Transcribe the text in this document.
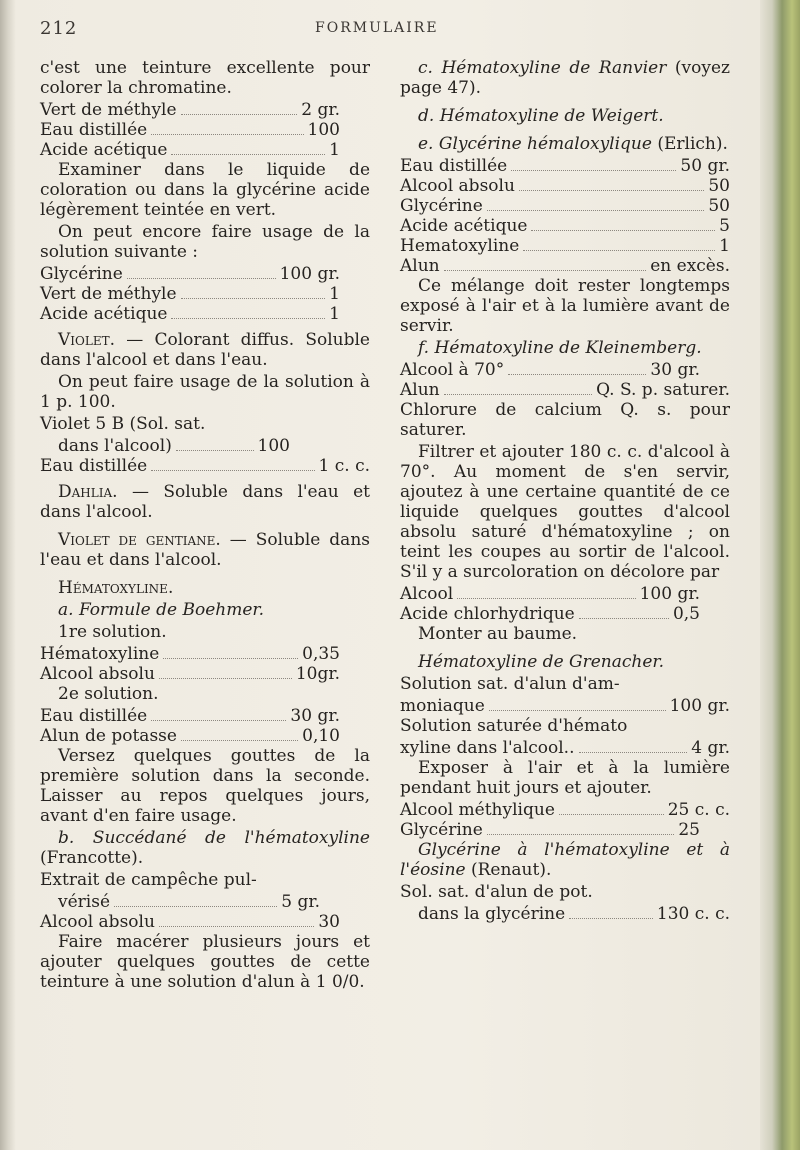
212	FORMULAIRE

c'est une teinture excellente pour colorer la chromatine.

Vert de méthyle	2 gr.
Eau distillée	100
Acide acétique	1

Examiner dans le liquide de coloration ou dans la glycérine acide légèrement teintée en vert.

On peut encore faire usage de la solution suivante :

Glycérine	100 gr.
Vert de méthyle	1
Acide acétique	1

Violet. — Colorant diffus. Soluble dans l'alcool et dans l'eau.

On peut faire usage de la solution à 1 p. 100.

Violet 5 B (Sol. sat.

dans l'alcool)	100
Eau distillée	1 c. c.

Dahlia. — Soluble dans l'eau et dans l'alcool.

Violet de gentiane. — Soluble dans l'eau et dans l'alcool.

Hématoxyline.

a. Formule de Boehmer.

1re solution.

Hématoxyline	0,35
Alcool absolu	10gr.

2e solution.

Eau distillée	30 gr.
Alun de potasse	0,10

Versez quelques gouttes de la première solution dans la seconde. Laisser au repos quelques jours, avant d'en faire usage.

b. Succédané de l'hématoxyline (Francotte).

Extrait de campêche pul-

vérisé	5 gr.
Alcool absolu	30

Faire macérer plusieurs jours et ajouter quelques gouttes de cette teinture à une solution d'alun à 1 0/0.

c. Hématoxyline de Ranvier (voyez page 47).

d. Hématoxyline de Weigert.

e. Glycérine hémaloxylique (Erlich).

Eau distillée	50 gr.
Alcool absolu	50
Glycérine	50
Acide acétique	5
Hematoxyline	1
Alun	en excès.

Ce mélange doit rester longtemps exposé à l'air et à la lumière avant de servir.

f. Hématoxyline de Kleinemberg.

Alcool à 70°	30 gr.
Alun	Q. S. p. saturer.

Chlorure de calcium Q. s. pour saturer.

Filtrer et ajouter 180 c. c. d'alcool à 70°. Au moment de s'en servir, ajoutez à une certaine quantité de ce liquide quelques gouttes d'alcool absolu saturé d'hématoxyline ; on teint les coupes au sortir de l'alcool. S'il y a surcoloration on décolore par

Alcool	100 gr.
Acide chlorhydrique	0,5

Monter au baume.

Hématoxyline de Grenacher.

Solution sat. d'alun d'am-

moniaque	100 gr.

Solution saturée d'hémato

xyline dans l'alcool..	4 gr.

Exposer à l'air et à la lumière pendant huit jours et ajouter.

Alcool méthylique	25 c. c.
Glycérine	25

Glycérine à l'hématoxyline et à l'éosine (Renaut).

Sol. sat. d'alun de pot.

dans la glycérine	130 c. c.
